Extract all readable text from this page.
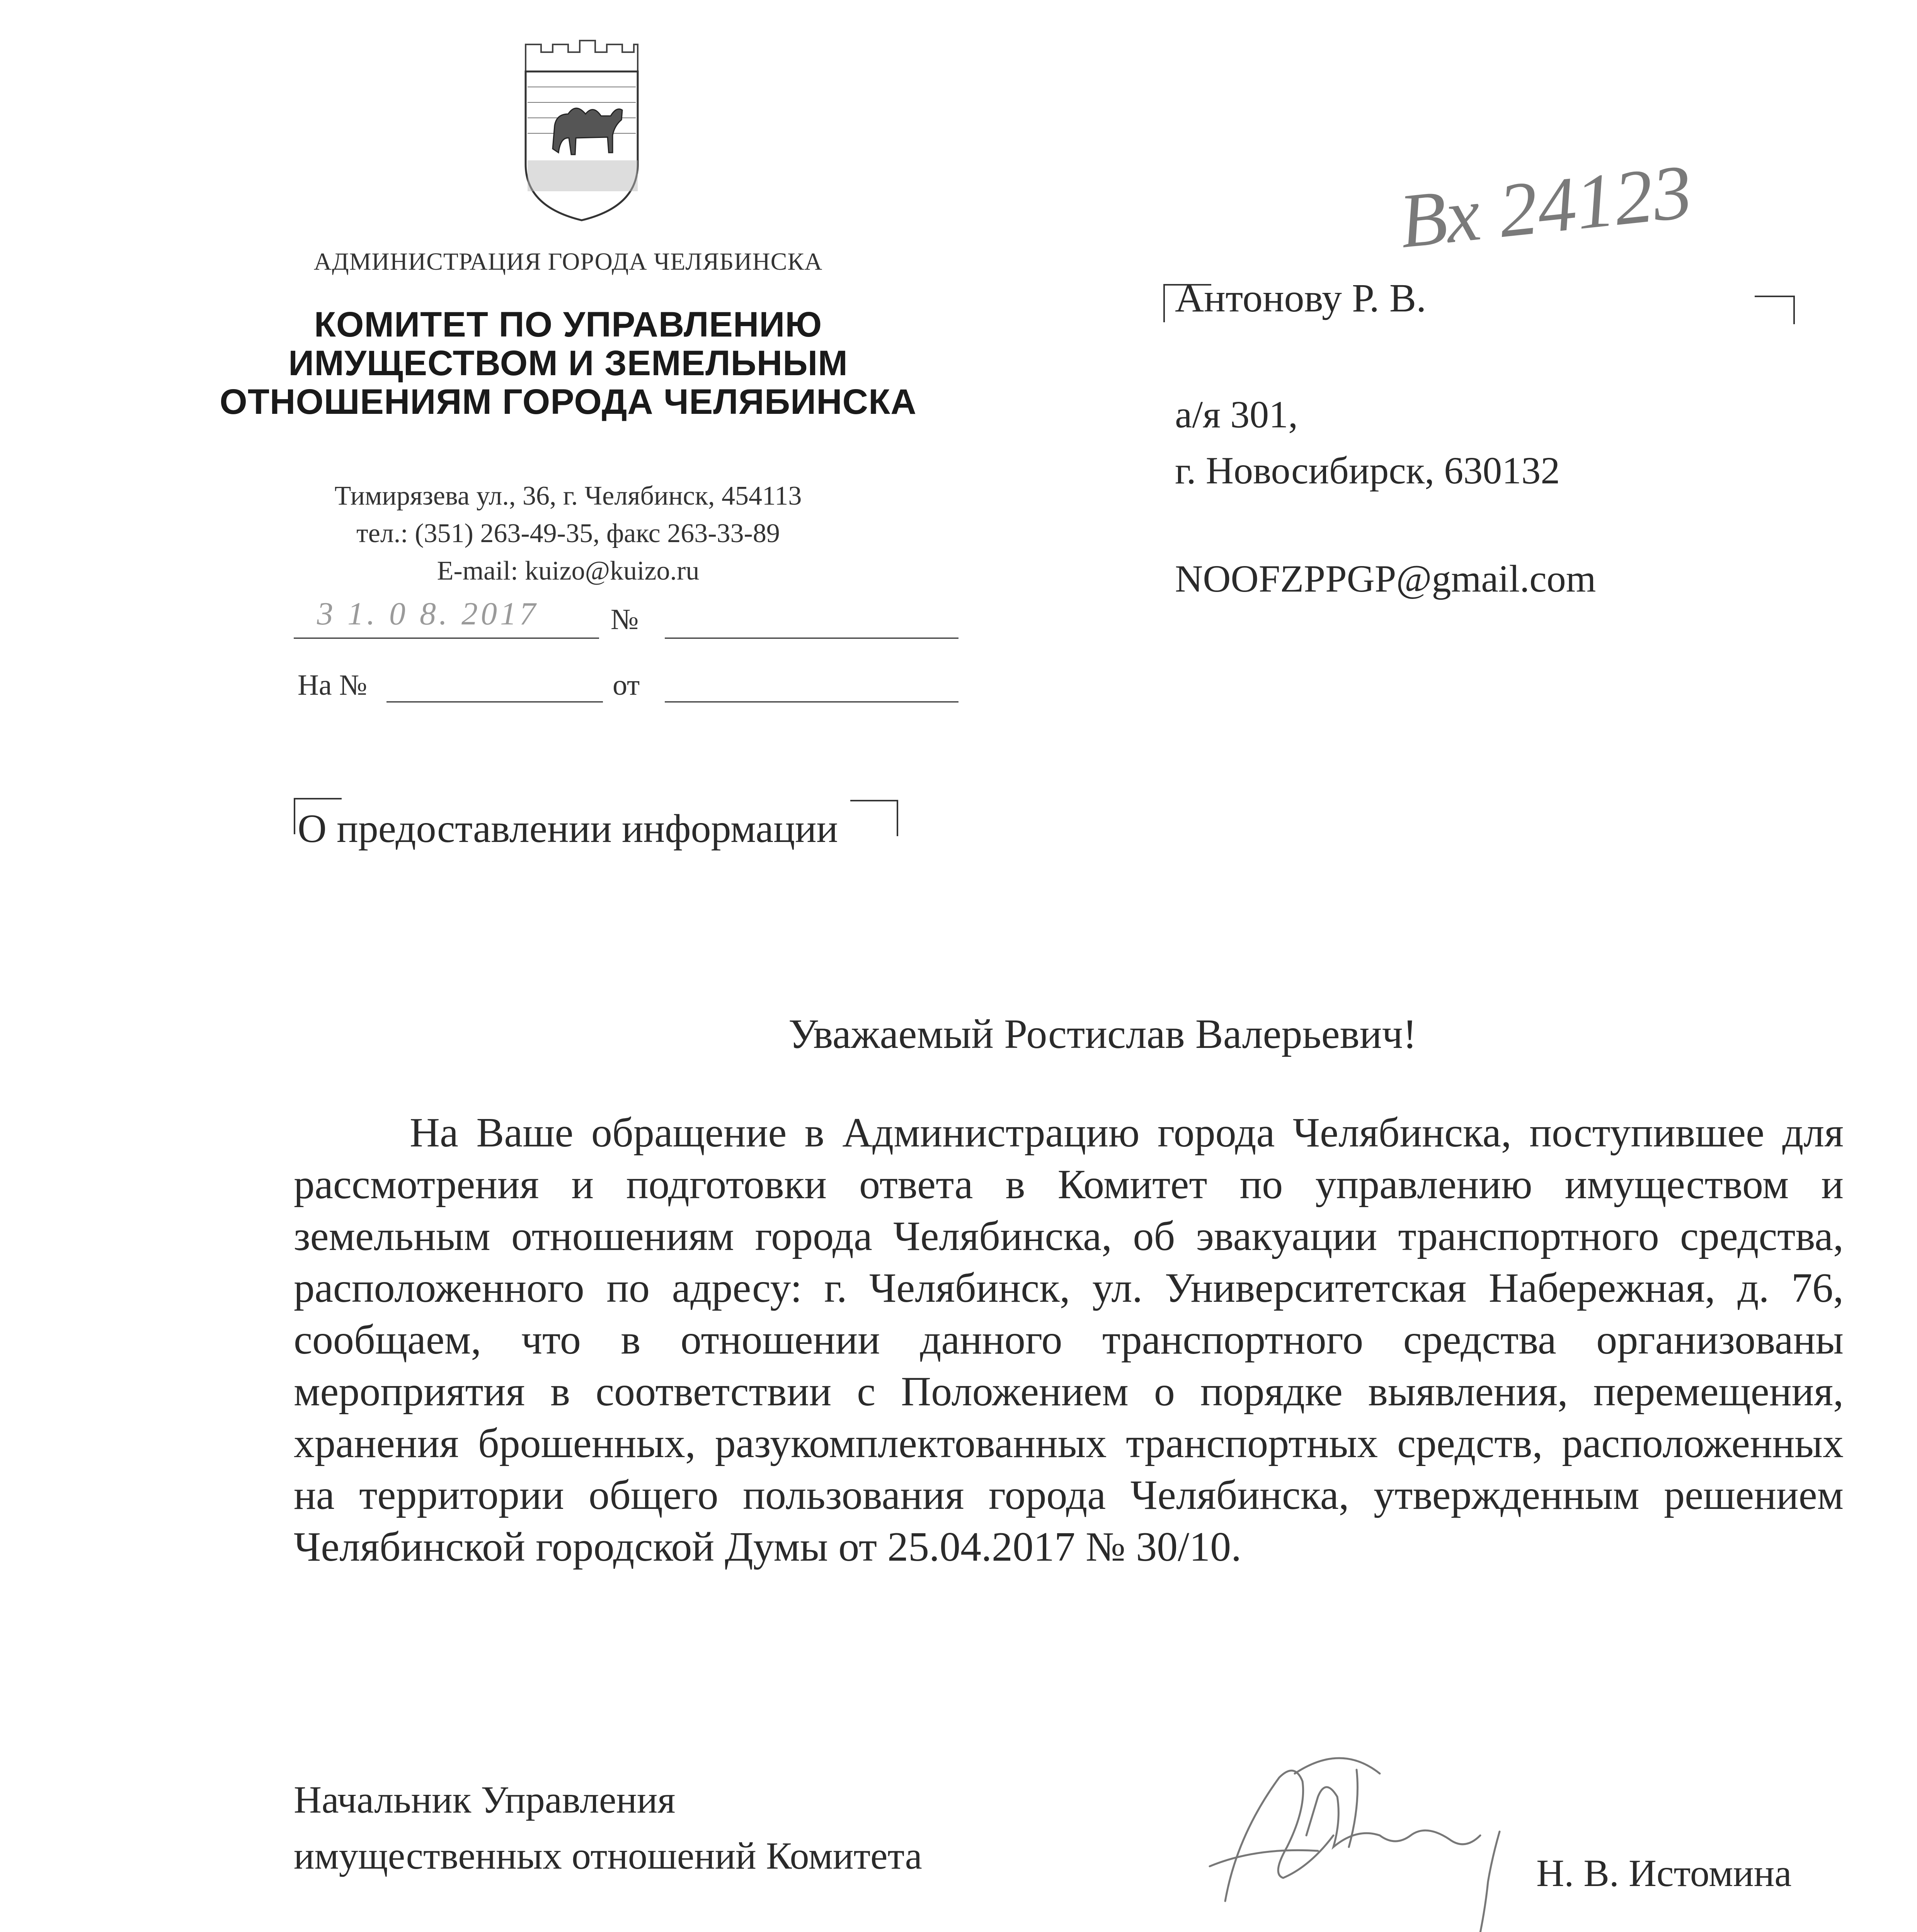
АДМИНИСТРАЦИЯ ГОРОДА ЧЕЛЯБИНСКА
КОМИТЕТ ПО УПРАВЛЕНИЮ
ИМУЩЕСТВОМ И ЗЕМЕЛЬНЫМ
ОТНОШЕНИЯМ ГОРОДА ЧЕЛЯБИНСКА
Тимирязева ул., 36, г. Челябинск, 454113
тел.: (351) 263-49-35, факс 263-33-89
E-mail: kuizo@kuizo.ru
3 1. 0 8. 2017 №
На №	от
Вх 24123
Антонову Р. В.
а/я 301,
г. Новосибирск, 630132
NOOFZPPGP@gmail.com
О предоставлении информации
Уважаемый Ростислав Валерьевич!
На Ваше обращение в Администрацию города Челябинска, поступившее для рассмотрения и подготовки ответа в Комитет по управлению имуществом и земельным отношениям города Челябинска, об эвакуации транспортного средства, расположенного по адресу: г. Челябинск, ул. Университетская Набережная, д. 76, сообщаем, что в отношении данного транспортного средства организованы мероприятия в соответствии с Положением о порядке выявления, перемещения, хранения брошенных, разукомплектованных транспортных средств, расположенных на территории общего пользования города Челябинска, утвержденным решением Челябинской городской Думы от 25.04.2017 № 30/10.
Начальник Управления
имущественных отношений Комитета	Н. В. Истомина
